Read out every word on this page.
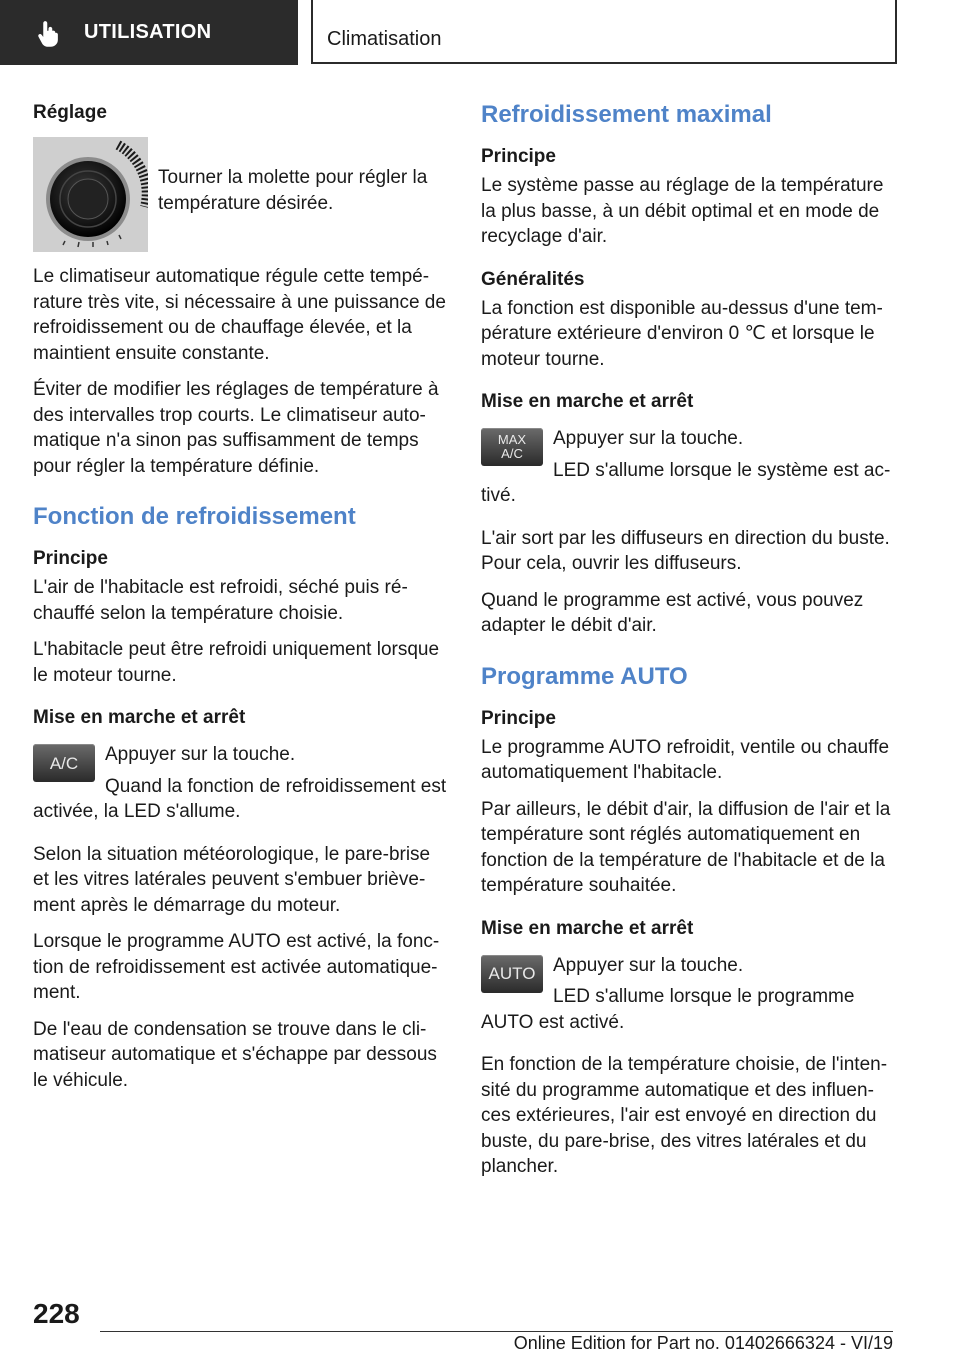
UTILISATION	Climatisation
Réglage

Tourner la molette pour régler la température désirée.

Le climatiseur automatique régule cette température très vite, si nécessaire à une puissance de refroidissement ou de chauffage élevée, et la maintient ensuite constante.

Éviter de modifier les réglages de température à des intervalles trop courts. Le climatiseur automatique n'a sinon pas suffisamment de temps pour régler la température définie.

Fonction de refroidissement
Principe

L'air de l'habitacle est refroidi, séché puis réchauffé selon la température choisie.

L'habitacle peut être refroidi uniquement lorsque le moteur tourne.

Mise en marche et arrêt
A/C	Appuyer sur la touche.

Quand la fonction de refroidissement est activée, la LED s'allume.

Selon la situation météorologique, le pare-brise et les vitres latérales peuvent s'embuer brièvement après le démarrage du moteur.

Lorsque le programme AUTO est activé, la fonction de refroidissement est activée automatiquement.

De l'eau de condensation se trouve dans le climatiseur automatique et s'échappe par dessous le véhicule.

Refroidissement maximal
Principe

Le système passe au réglage de la température la plus basse, à un débit optimal et en mode de recyclage d'air.

Généralités

La fonction est disponible au-dessus d'une température extérieure d'environ 0 ℃ et lorsque le moteur tourne.

Mise en marche et arrêt
MAX
A/C

Appuyer sur la touche.

LED s'allume lorsque le système est activé.

L'air sort par les diffuseurs en direction du buste. Pour cela, ouvrir les diffuseurs.

Quand le programme est activé, vous pouvez adapter le débit d'air.

Programme AUTO
Principe

Le programme AUTO refroidit, ventile ou chauffe automatiquement l'habitacle.

Par ailleurs, le débit d'air, la diffusion de l'air et la température sont réglés automatiquement en fonction de la température de l'habitacle et de la température souhaitée.

Mise en marche et arrêt
AUTO Appuyer sur la touche.

LED s'allume lorsque le programme AUTO est activé.

En fonction de la température choisie, de l'intensité du programme automatique et des influences extérieures, l'air est envoyé en direction du buste, du pare-brise, des vitres latérales et du plancher.

228
Online Edition for Part no. 01402666324 - VI/19
